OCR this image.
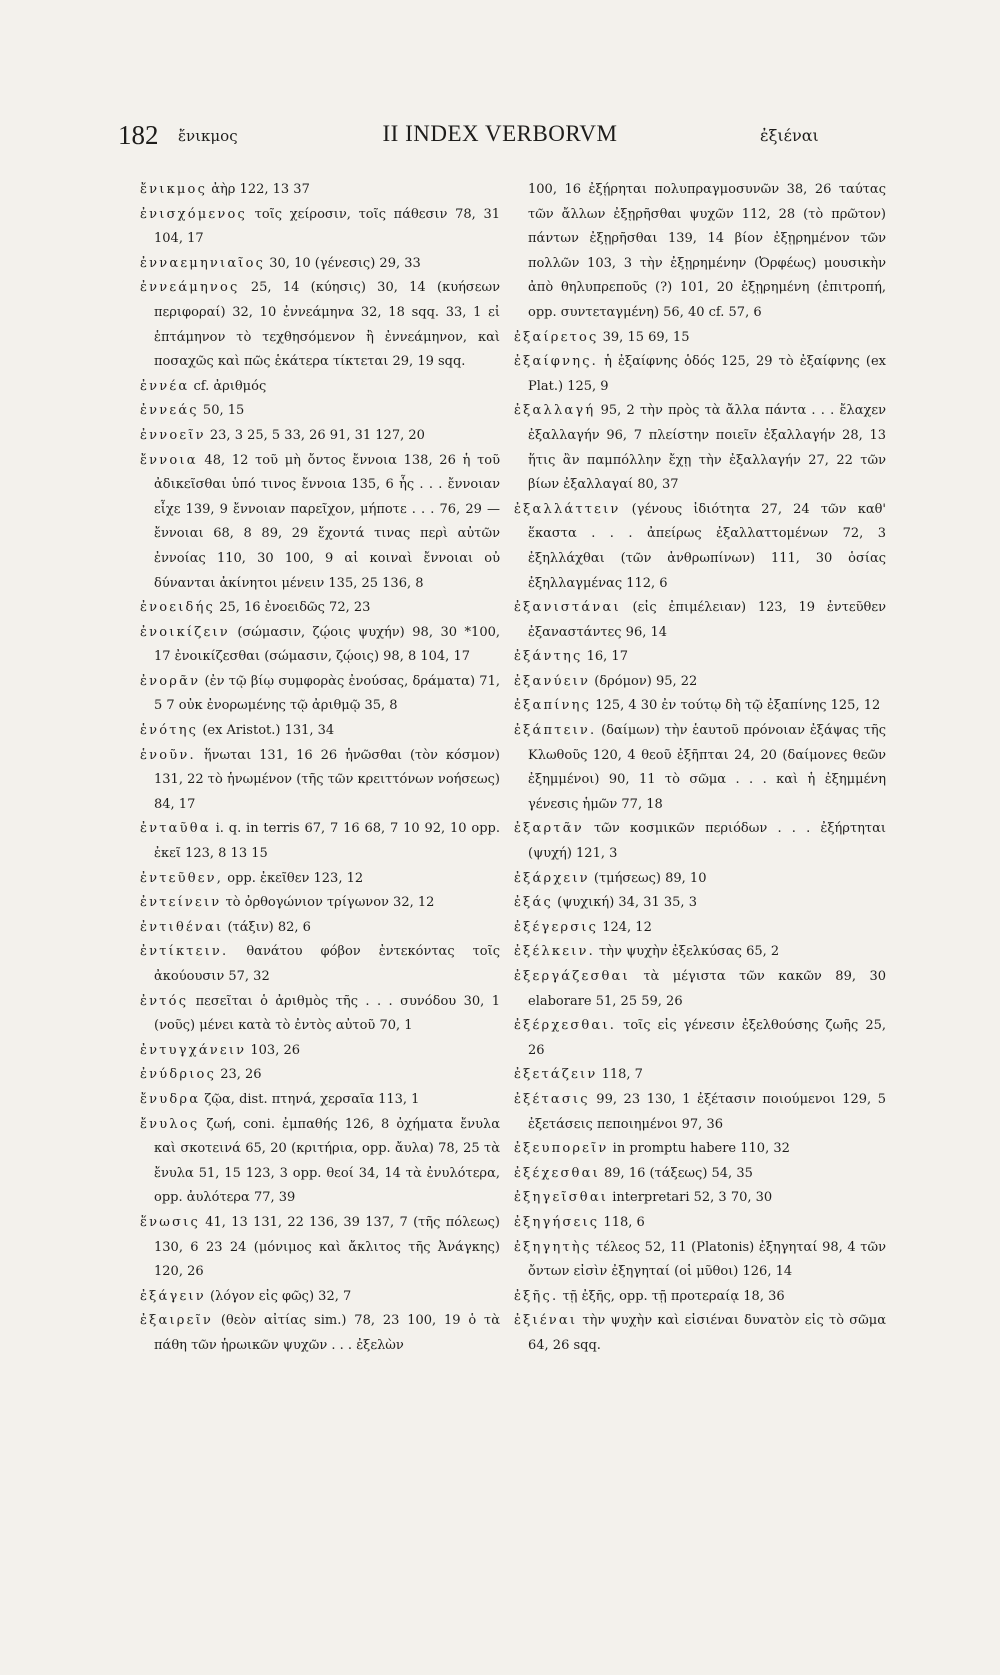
182 ἔνικμος	II INDEX VERBORVM	ἐξιέναι
ἔνικμος ἀὴρ 122, 13 37
ἐνισχόμενος τοῖς χείροσιν, τοῖς πάθεσιν 78, 31 104, 17
ἐνναεμηνιαῖος 30, 10 (γένεσις) 29, 33
ἐννεάμηνος 25, 14 (κύησις) 30, 14 (κυήσεων περιφοραί) 32, 10 ἐννεάμηνα 32, 18 sqq. 33, 1 εἰ ἑπτάμηνον τὸ τεχθησόμενον ἢ ἐννεάμηνον, καὶ ποσαχῶς καὶ πῶς ἑκάτερα τίκτεται 29, 19 sqq.
ἐννέα cf. ἀριθμός
ἐννεάς 50, 15
ἐννοεῖν 23, 3 25, 5 33, 26 91, 31 127, 20
ἔννοια 48, 12 τοῦ μὴ ὄντος ἔννοια 138, 26 ἡ τοῦ ἀδικεῖσθαι ὑπό τινος ἔννοια 135, 6 ἧς . . . ἔννοιαν εἶχε 139, 9 ἔννοιαν παρεῖχον, μήποτε . . . 76, 29 — ἔννοιαι 68, 8 89, 29 ἔχοντά τινας περὶ αὐτῶν ἐννοίας 110, 30 100, 9 αἱ κοιναὶ ἔννοιαι οὐ δύνανται ἀκίνητοι μένειν 135, 25 136, 8
ἐνοειδής 25, 16 ἐνοειδῶς 72, 23
ἐνοικίζειν (σώμασιν, ζῴοις ψυχήν) 98, 30 *100, 17 ἐνοικίζεσθαι (σώμασιν, ζῴοις) 98, 8 104, 17
ἐνορᾶν (ἐν τῷ βίῳ συμφορὰς ἐνούσας, δράματα) 71, 5 7 οὐκ ἐνορωμένης τῷ ἀριθμῷ 35, 8
ἑνότης (ex Aristot.) 131, 34
ἑνοῦν. ἥνωται 131, 16 26 ἡνῶσθαι (τὸν κόσμον) 131, 22 τὸ ἡνωμένον (τῆς τῶν κρειττόνων νοήσεως) 84, 17
ἐνταῦθα i. q. in terris 67, 7 16 68, 7 10 92, 10 opp. ἐκεῖ 123, 8 13 15
ἐντεῦθεν, opp. ἐκεῖθεν 123, 12
ἐντείνειν τὸ ὀρθογώνιον τρίγωνον 32, 12
ἐντιθέναι (τάξιν) 82, 6
ἐντίκτειν. θανάτου φόβον ἐντεκόντας τοῖς ἀκούουσιν 57, 32
ἐντός πεσεῖται ὁ ἀριθμὸς τῆς . . . συνόδου 30, 1 (νοῦς) μένει κατὰ τὸ ἐντὸς αὐτοῦ 70, 1
ἐντυγχάνειν 103, 26
ἐνύδριος 23, 26
ἔνυδρα ζῷα, dist. πτηνά, χερσαῖα 113, 1
ἔνυλος ζωή, coni. ἐμπαθής 126, 8 ὀχήματα ἔνυλα καὶ σκοτεινά 65, 20 (κριτήρια, opp. ἄυλα) 78, 25 τὰ ἔνυλα 51, 15 123, 3 opp. θεοί 34, 14 τὰ ἐνυλότερα, opp. ἀυλότερα 77, 39
ἕνωσις 41, 13 131, 22 136, 39 137, 7 (τῆς πόλεως) 130, 6 23 24 (μόνιμος καὶ ἄκλιτος τῆς Ἀνάγκης) 120, 26
ἐξάγειν (λόγον εἰς φῶς) 32, 7
ἐξαιρεῖν (θεὸν αἰτίας sim.) 78, 23 100, 19 ὁ τὰ πάθη τῶν ἡρωικῶν ψυχῶν . . . ἐξελὼν
100, 16 ἐξῄρηται πολυπραγμοσυνῶν 38, 26 ταύτας τῶν ἄλλων ἐξῃρῆσθαι ψυχῶν 112, 28 (τὸ πρῶτον) πάντων ἐξῃρῆσθαι 139, 14 βίον ἐξῃρημένον τῶν πολλῶν 103, 3 τὴν ἐξῃρημένην (Ὀρφέως) μουσικὴν ἀπὸ θηλυπρεποῦς (?) 101, 20 ἐξῃρημένη (ἐπιτροπή, opp. συντεταγμένη) 56, 40 cf. 57, 6
ἐξαίρετος 39, 15 69, 15
ἐξαίφνης. ἡ ἐξαίφνης ὁδός 125, 29 τὸ ἐξαίφνης (ex Plat.) 125, 9
ἐξαλλαγή 95, 2 τὴν πρὸς τὰ ἄλλα πάντα . . . ἔλαχεν ἐξαλλαγήν 96, 7 πλείστην ποιεῖν ἐξαλλαγήν 28, 13 ἥτις ἂν παμπόλλην ἔχῃ τὴν ἐξαλλαγήν 27, 22 τῶν βίων ἐξαλλαγαί 80, 37
ἐξαλλάττειν (γένους ἰδιότητα 27, 24 τῶν καθ' ἕκαστα . . . ἀπείρως ἐξαλλαττομένων 72, 3 ἐξηλλάχθαι (τῶν ἀνθρωπίνων) 111, 30 ὁσίας ἐξηλλαγμένας 112, 6
ἐξανιστάναι (εἰς ἐπιμέλειαν) 123, 19 ἐντεῦθεν ἐξαναστάντες 96, 14
ἐξάντης 16, 17
ἐξανύειν (δρόμον) 95, 22
ἐξαπίνης 125, 4 30 ἐν τούτῳ δὴ τῷ ἐξαπίνης 125, 12
ἐξάπτειν. (δαίμων) τὴν ἑαυτοῦ πρόνοιαν ἐξάψας τῆς Κλωθοῦς 120, 4 θεοῦ ἐξῆπται 24, 20 (δαίμονες θεῶν ἐξημμένοι) 90, 11 τὸ σῶμα . . . καὶ ἡ ἐξημμένη γένεσις ἡμῶν 77, 18
ἐξαρτᾶν τῶν κοσμικῶν περιόδων . . . ἐξήρτηται (ψυχή) 121, 3
ἐξάρχειν (τμήσεως) 89, 10
ἐξάς (ψυχική) 34, 31 35, 3
ἐξέγερσις 124, 12
ἐξέλκειν. τὴν ψυχὴν ἐξελκύσας 65, 2
ἐξεργάζεσθαι τὰ μέγιστα τῶν κακῶν 89, 30 elaborare 51, 25 59, 26
ἐξέρχεσθαι. τοῖς εἰς γένεσιν ἐξελθούσης ζωῆς 25, 26
ἐξετάζειν 118, 7
ἐξέτασις 99, 23 130, 1 ἐξέτασιν ποιούμενοι 129, 5 ἐξετάσεις πεποιημένοι 97, 36
ἐξευπορεῖν in promptu habere 110, 32
ἐξέχεσθαι 89, 16 (τάξεως) 54, 35
ἐξηγεῖσθαι interpretari 52, 3 70, 30
ἐξηγήσεις 118, 6
ἐξηγητὴς τέλεος 52, 11 (Platonis) ἐξηγηταί 98, 4 τῶν ὄντων εἰσὶν ἐξηγηταί (οἱ μῦθοι) 126, 14
ἐξῆς. τῇ ἐξῆς, opp. τῇ προτεραίᾳ 18, 36
ἐξιέναι τὴν ψυχὴν καὶ εἰσιέναι δυνατὸν εἰς τὸ σῶμα 64, 26 sqq.
